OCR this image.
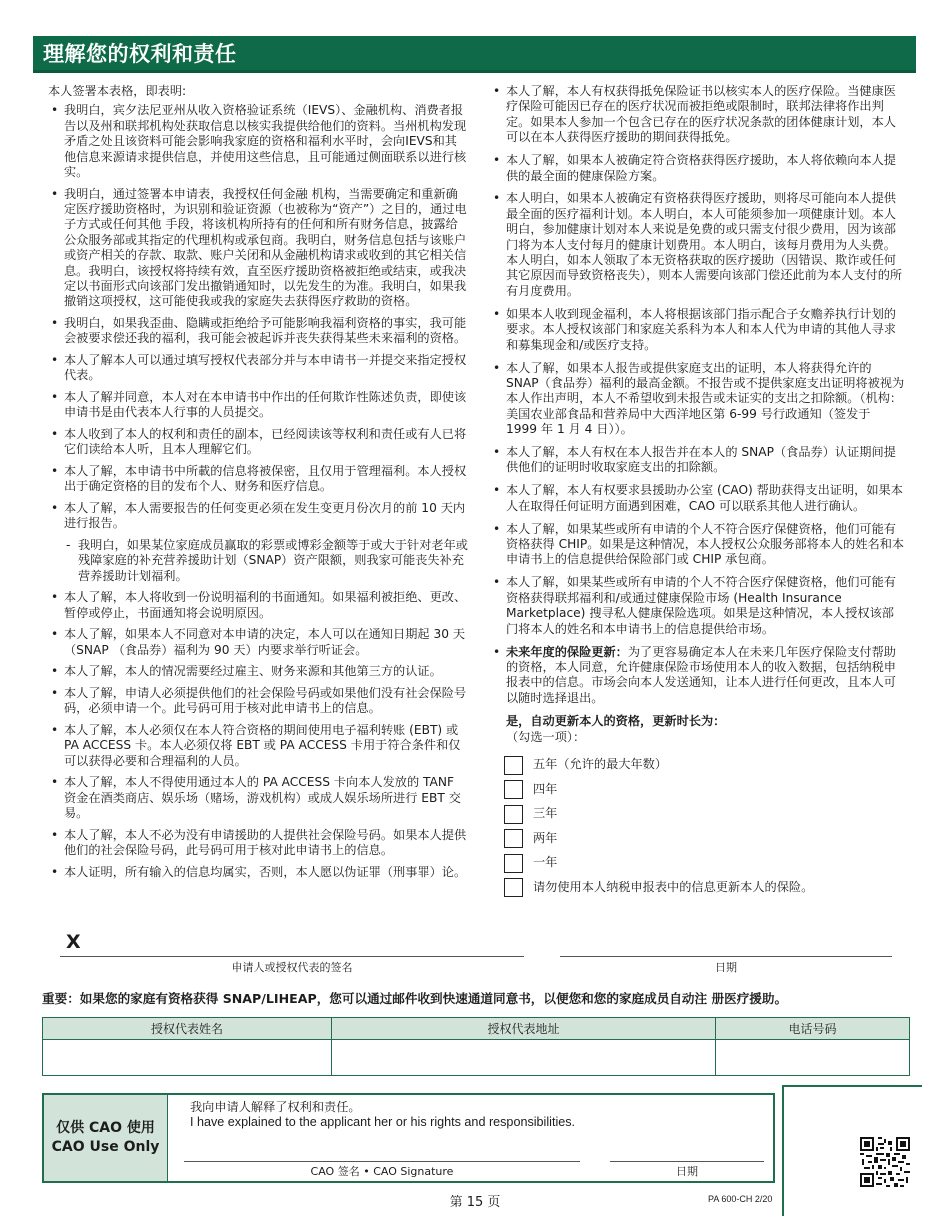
理解您的权利和责任
本人签署本表格，即表明:
• 我明白，宾夕法尼亚州从收入资格验证系统（IEVS）、金融机构、消费者报告以及州和联邦机构处获取信息以核实我提供给他们的资料。当州机构发现矛盾之处且该资料可能会影响我家庭的资格和福利水平时，会向IEVS和其他信息来源请求提供信息，并使用这些信息，且可能通过侧面联系以进行核实。
• 我明白，通过签署本申请表，我授权任何金融 机构，当需要确定和重新确 定医疗援助资格时，为识别和验证资源（也被称为“资产”）之目的，通过电子方式或任何其他 手段，将该机构所持有的任何和所有财务信息，披露给公众服务部或其指定的代理机构或承包商。我明白，财务信息包括与该账户或资产相关的存款、取款、账户关闭和从金融机构请求或收到的其它相关信息。我明白，该授权将持续有效，直至医疗援助资格被拒绝或结束，或我决定以书面形式向该部门发出撤销通知时，以先发生的为准。我明白，如果我撤销这项授权，这可能使我或我的家庭失去获得医疗救助的资格。
• 我明白，如果我歪曲、隐瞒或拒绝给予可能影响我福利资格的事实，我可能会被要求偿还我的福利，我可能会被起诉并丧失获得某些未来福利的资格。
• 本人了解本人可以通过填写授权代表部分并与本申请书一并提交来指定授权代表。
• 本人了解并同意，本人对在本申请书中作出的任何欺诈性陈述负责，即使该申请书是由代表本人行事的人员提交。
• 本人收到了本人的权利和责任的副本，已经阅读该等权利和责任或有人已将它们读给本人听，且本人理解它们。
• 本人了解，本申请书中所載的信息将被保密，且仅用于管理福利。本人授权出于确定资格的目的发布个人、财务和医疗信息。
• 本人了解，本人需要报告的任何变更必须在发生变更月份次月的前 10 天内进行报告。
- 我明白，如果某位家庭成员赢取的彩票或博彩金额等于或大于针对老年或残障家庭的补充营养援助计划（SNAP）资产限额，则我家可能丧失补充营养援助计划福利。
• 本人了解，本人将收到一份说明福利的书面通知。如果福利被拒绝、更改、暂停或停止，书面通知将会说明原因。
• 本人了解，如果本人不同意对本申请的决定，本人可以在通知日期起 30 天（SNAP （食品券）福利为 90 天）内要求举行听证会。
• 本人了解，本人的情况需要经过雇主、财务来源和其他第三方的认证。
• 本人了解，申请人必须提供他们的社会保险号码或如果他们没有社会保险号码，必须申请一个。此号码可用于核对此申请书上的信息。
• 本人了解，本人必须仅在本人符合资格的期间使用电子福利转账 (EBT) 或 PA ACCESS 卡。本人必须仅将 EBT 或 PA ACCESS 卡用于符合条件和仅可以获得必要和合理福利的人员。
• 本人了解，本人不得使用通过本人的 PA ACCESS 卡向本人发放的 TANF 资金在酒类商店、娱乐场（赌场，游戏机构）或成人娱乐场所进行 EBT 交易。
• 本人了解，本人不必为没有申请援助的人提供社会保险号码。如果本人提供他们的社会保险号码，此号码可用于核对此申请书上的信息。
• 本人证明，所有输入的信息均属实，否则，本人愿以伪证罪（刑事罪）论。
• 本人了解，本人有权获得抵免保险证书以核实本人的医疗保险。当健康医疗保险可能因已存在的医疗状况而被拒绝或限制时，联邦法律将作出判定。如果本人参加一个包含已存在的医疗状况条款的团体健康计划，本人可以在本人获得医疗援助的期间获得抵免。
• 本人了解，如果本人被确定符合资格获得医疗援助，本人将依赖向本人提供的最全面的健康保险方案。
• 本人明白，如果本人被确定有资格获得医疗援助，则将尽可能向本人提供最全面的医疗福利计划。本人明白，本人可能须参加一项健康计划。本人明白，参加健康计划对本人来说是免费的或只需支付很少费用，因为该部门将为本人支付每月的健康计划费用。本人明白，该每月费用为人头费。本人明白，如本人领取了本无资格获取的医疗援助（因错误、欺诈或任何其它原因而导致资格丧失），则本人需要向该部门偿还此前为本人支付的所有月度费用。
• 如果本人收到现金福利，本人将根据该部门指示配合子女赡养执行计划的要求。本人授权该部门和家庭关系科为本人和本人代为申请的其他人寻求和募集现金和/或医疗支持。
• 本人了解，如果本人报告或提供家庭支出的证明，本人将获得允许的 SNAP（食品券）福利的最高金额。不报告或不提供家庭支出证明将被视为本人作出声明，本人不希望收到未报告或未证实的支出之扣除额。（机构：美国农业部食品和营养局中大西洋地区第 6-99 号行政通知（签发于 1999 年 1 月 4 日））。
• 本人了解，本人有权在本人报告并在本人的 SNAP（食品券）认证期间提供他们的证明时收取家庭支出的扣除额。
• 本人了解，本人有权要求县援助办公室 (CAO) 帮助获得支出证明，如果本人在取得任何证明方面遇到困难，CAO 可以联系其他人进行确认。
• 本人了解，如果某些或所有申请的个人不符合医疗保健资格，他们可能有资格获得 CHIP。如果是这种情况，本人授权公众服务部将本人的姓名和本申请书上的信息提供给保险部门或 CHIP 承包商。
• 本人了解，如果某些或所有申请的个人不符合医疗保健资格，他们可能有资格获得联邦福利和/或通过健康保险市场 (Health Insurance Marketplace) 搜寻私人健康保险选项。如果是这种情况，本人授权该部门将本人的姓名和本申请书上的信息提供给市场。
• 未来年度的保险更新：为了更容易确定本人在未来几年医疗保险支付帮助的资格，本人同意，允许健康保险市场使用本人的收入数据，包括纳税申报表中的信息。市场会向本人发送通知，让本人进行任何更改，且本人可以随时选择退出。
是，自动更新本人的资格，更新时长为：
（勾选一项）：
五年（允许的最大年数）
四年
三年
两年
一年
请勿使用本人纳税申报表中的信息更新本人的保险。
X
申请人或授权代表的签名	日期
重要：如果您的家庭有资格获得 SNAP/LIHEAP，您可以通过邮件收到快速通道同意书，以便您和您的家庭成员自动注 册医疗援助。
授权代表姓名	授权代表地址	电话号码

仅供 CAO 使用
CAO Use Only
我向申请人解释了权利和责任。
I have explained to the applicant her or his rights and responsibilities.
CAO 签名 • CAO Signature	日期
第 15 页	PA 600-CH 2/20
